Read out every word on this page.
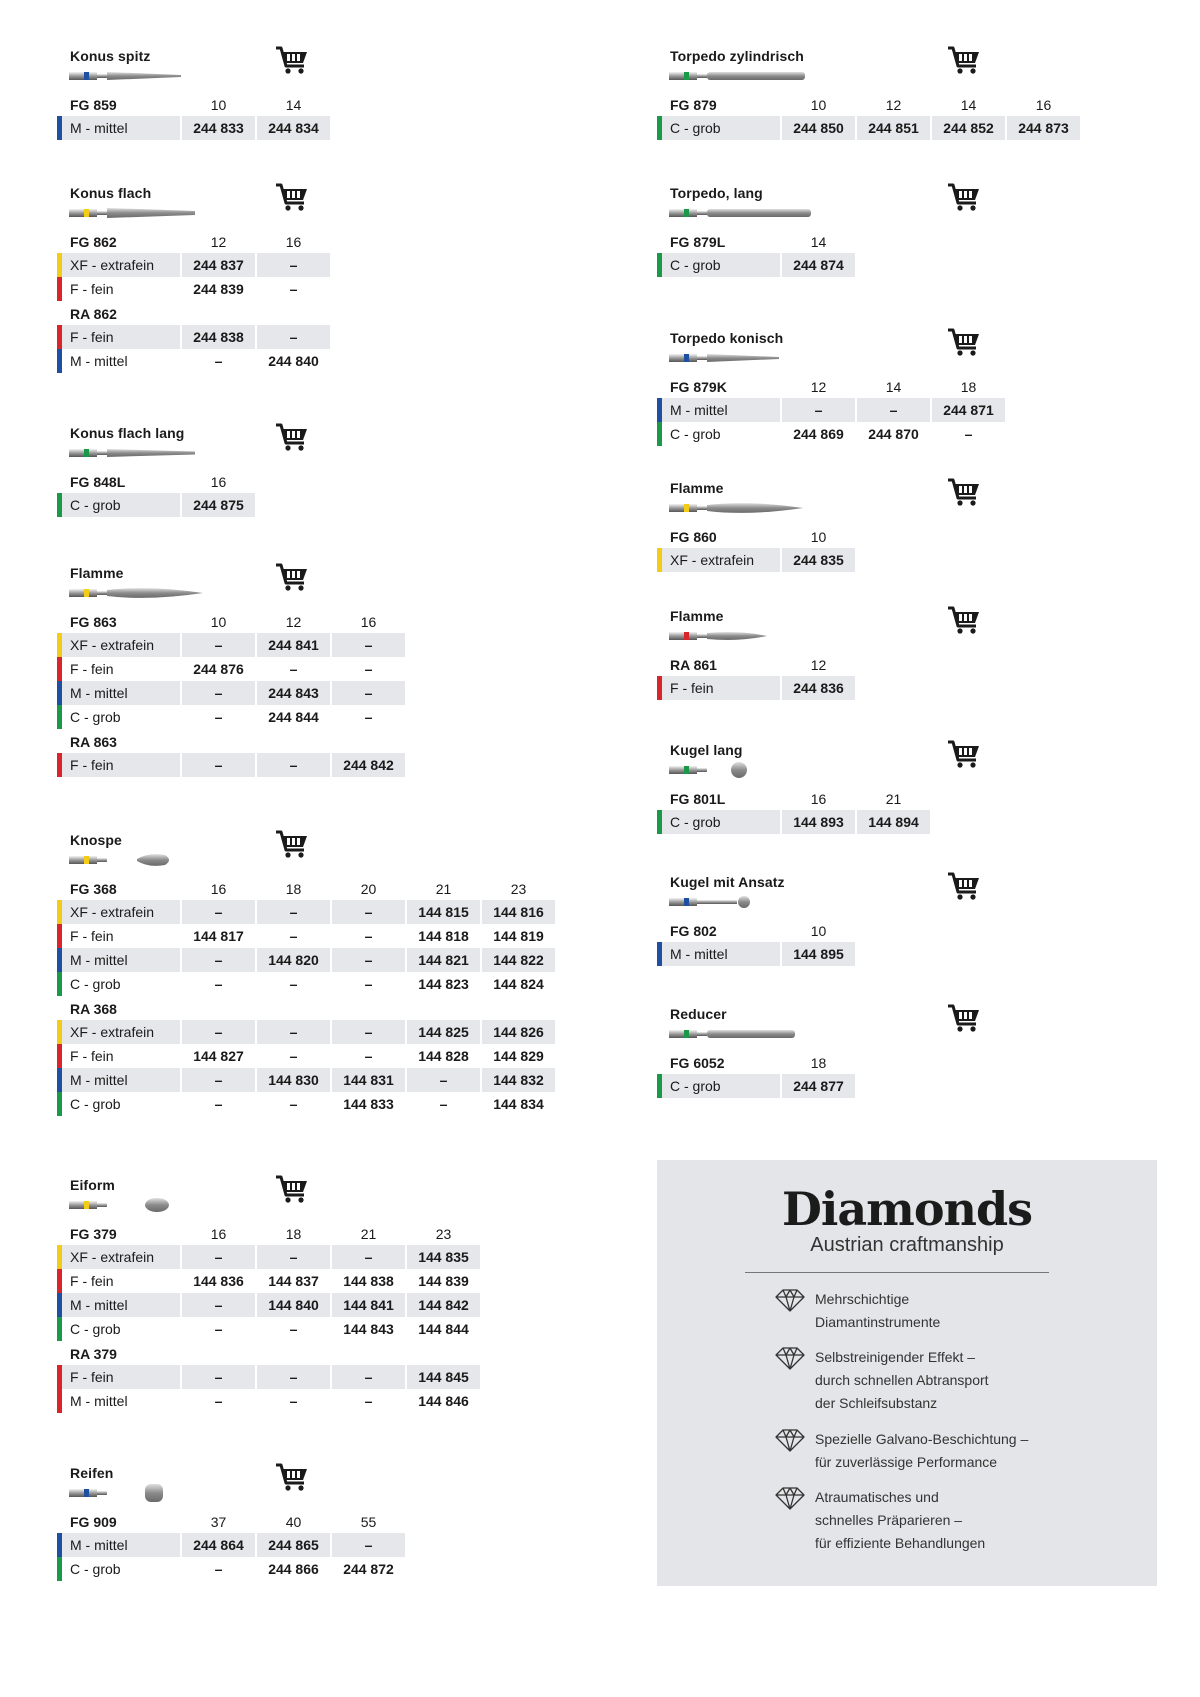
Konus spitz
FG 859	10	14
M - mittel	244 833	244 834
Konus flach
FG 862	12	16
XF - extrafein	244 837	–
F - fein	244 839	–
RA 862
F - fein	244 838	–
M - mittel	–	244 840
Konus flach lang
FG 848L	16
C - grob	244 875
Flamme
FG 863	10	12	16
XF - extrafein	–	244 841	–
F - fein	244 876	–	–
M - mittel	–	244 843	–
C - grob	–	244 844	–
RA 863
F - fein	–	–	244 842
Knospe
FG 368	16	18	20	21	23
XF - extrafein	–	–	–	144 815	144 816
F - fein	144 817	–	–	144 818	144 819
M - mittel	–	144 820	–	144 821	144 822
C - grob	–	–	–	144 823	144 824
RA 368
XF - extrafein	–	–	–	144 825	144 826
F - fein	144 827	–	–	144 828	144 829
M - mittel	–	144 830	144 831	–	144 832
C - grob	–	–	144 833	–	144 834
Eiform
FG 379	16	18	21	23
XF - extrafein	–	–	–	144 835
F - fein	144 836	144 837	144 838	144 839
M - mittel	–	144 840	144 841	144 842
C - grob	–	–	144 843	144 844
RA 379
F - fein	–	–	–	144 845
M - mittel	–	–	–	144 846
Reifen
FG 909	37	40	55
M - mittel	244 864	244 865	–
C - grob	–	244 866	244 872
Torpedo zylindrisch
FG 879	10	12	14	16
C - grob	244 850	244 851	244 852	244 873
Torpedo, lang
FG 879L	14
C - grob	244 874
Torpedo konisch
FG 879K	12	14	18
M - mittel	–	–	244 871
C - grob	244 869	244 870	–
Flamme
FG 860	10
XF - extrafein	244 835
Flamme
RA 861	12
F - fein	244 836
Kugel lang
FG 801L	16	21
C - grob	144 893	144 894
Kugel mit Ansatz
FG 802	10
M - mittel	144 895
Reducer
FG 6052	18
C - grob	244 877
Diamonds
Austrian craftmanship
Mehrschichtige
Diamantinstrumente
Selbstreinigender Effekt –
durch schnellen Abtransport
der Schleifsubstanz
Spezielle Galvano-Beschichtung –
für zuverlässige Performance
Atraumatisches und
schnelles Präparieren –
für effiziente Behandlungen
